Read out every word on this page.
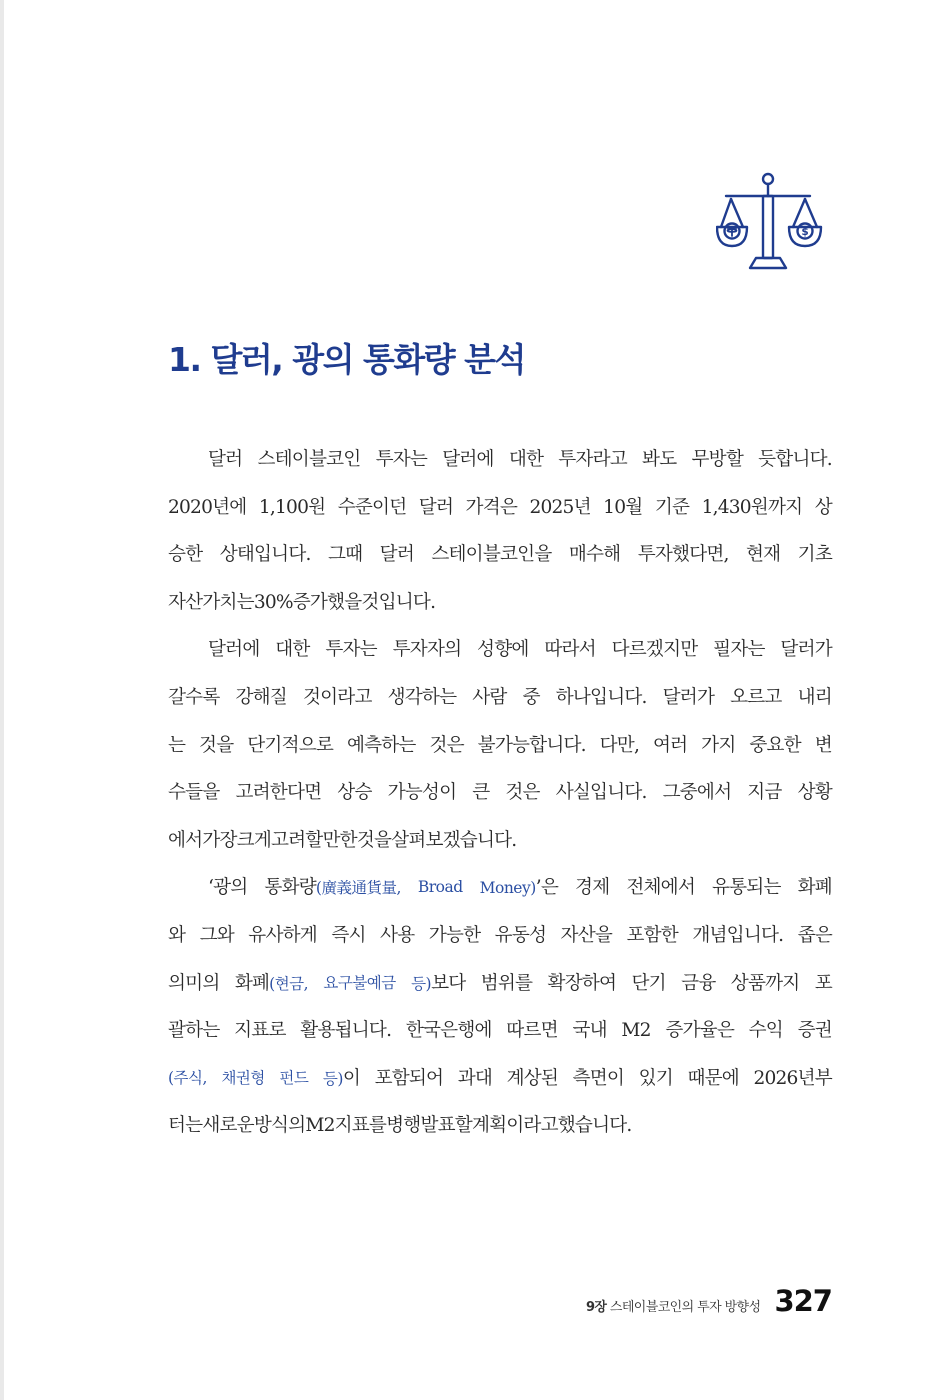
$
1. 달러, 광의 통화량 분석
달러 스테이블코인 투자는 달러에 대한 투자라고 봐도 무방할 듯합니다.
2020년에 1,100원 수준이던 달러 가격은 2025년 10월 기준 1,430원까지 상
승한 상태입니다. 그때 달러 스테이블코인을 매수해 투자했다면, 현재 기초
자산 가치는 30% 증가했을 것입니다.
달러에 대한 투자는 투자자의 성향에 따라서 다르겠지만 필자는 달러가
갈수록 강해질 것이라고 생각하는 사람 중 하나입니다. 달러가 오르고 내리
는 것을 단기적으로 예측하는 것은 불가능합니다. 다만, 여러 가지 중요한 변
수들을 고려한다면 상승 가능성이 큰 것은 사실입니다. 그중에서 지금 상황
에서 가장 크게 고려할 만한 것을 살펴보겠습니다.
‘광의 통화량(廣義通貨量, Broad Money)’은 경제 전체에서 유통되는 화폐
와 그와 유사하게 즉시 사용 가능한 유동성 자산을 포함한 개념입니다. 좁은
의미의 화폐(현금, 요구불예금 등)보다 범위를 확장하여 단기 금융 상품까지 포
괄하는 지표로 활용됩니다. 한국은행에 따르면 국내 M2 증가율은 수익 증권
(주식, 채권형 펀드 등)이 포함되어 과대 계상된 측면이 있기 때문에 2026년부
터는 새로운 방식의 M2 지표를 병행 발표할 계획이라고 했습니다.
9장 스테이블코인의 투자 방향성 327
